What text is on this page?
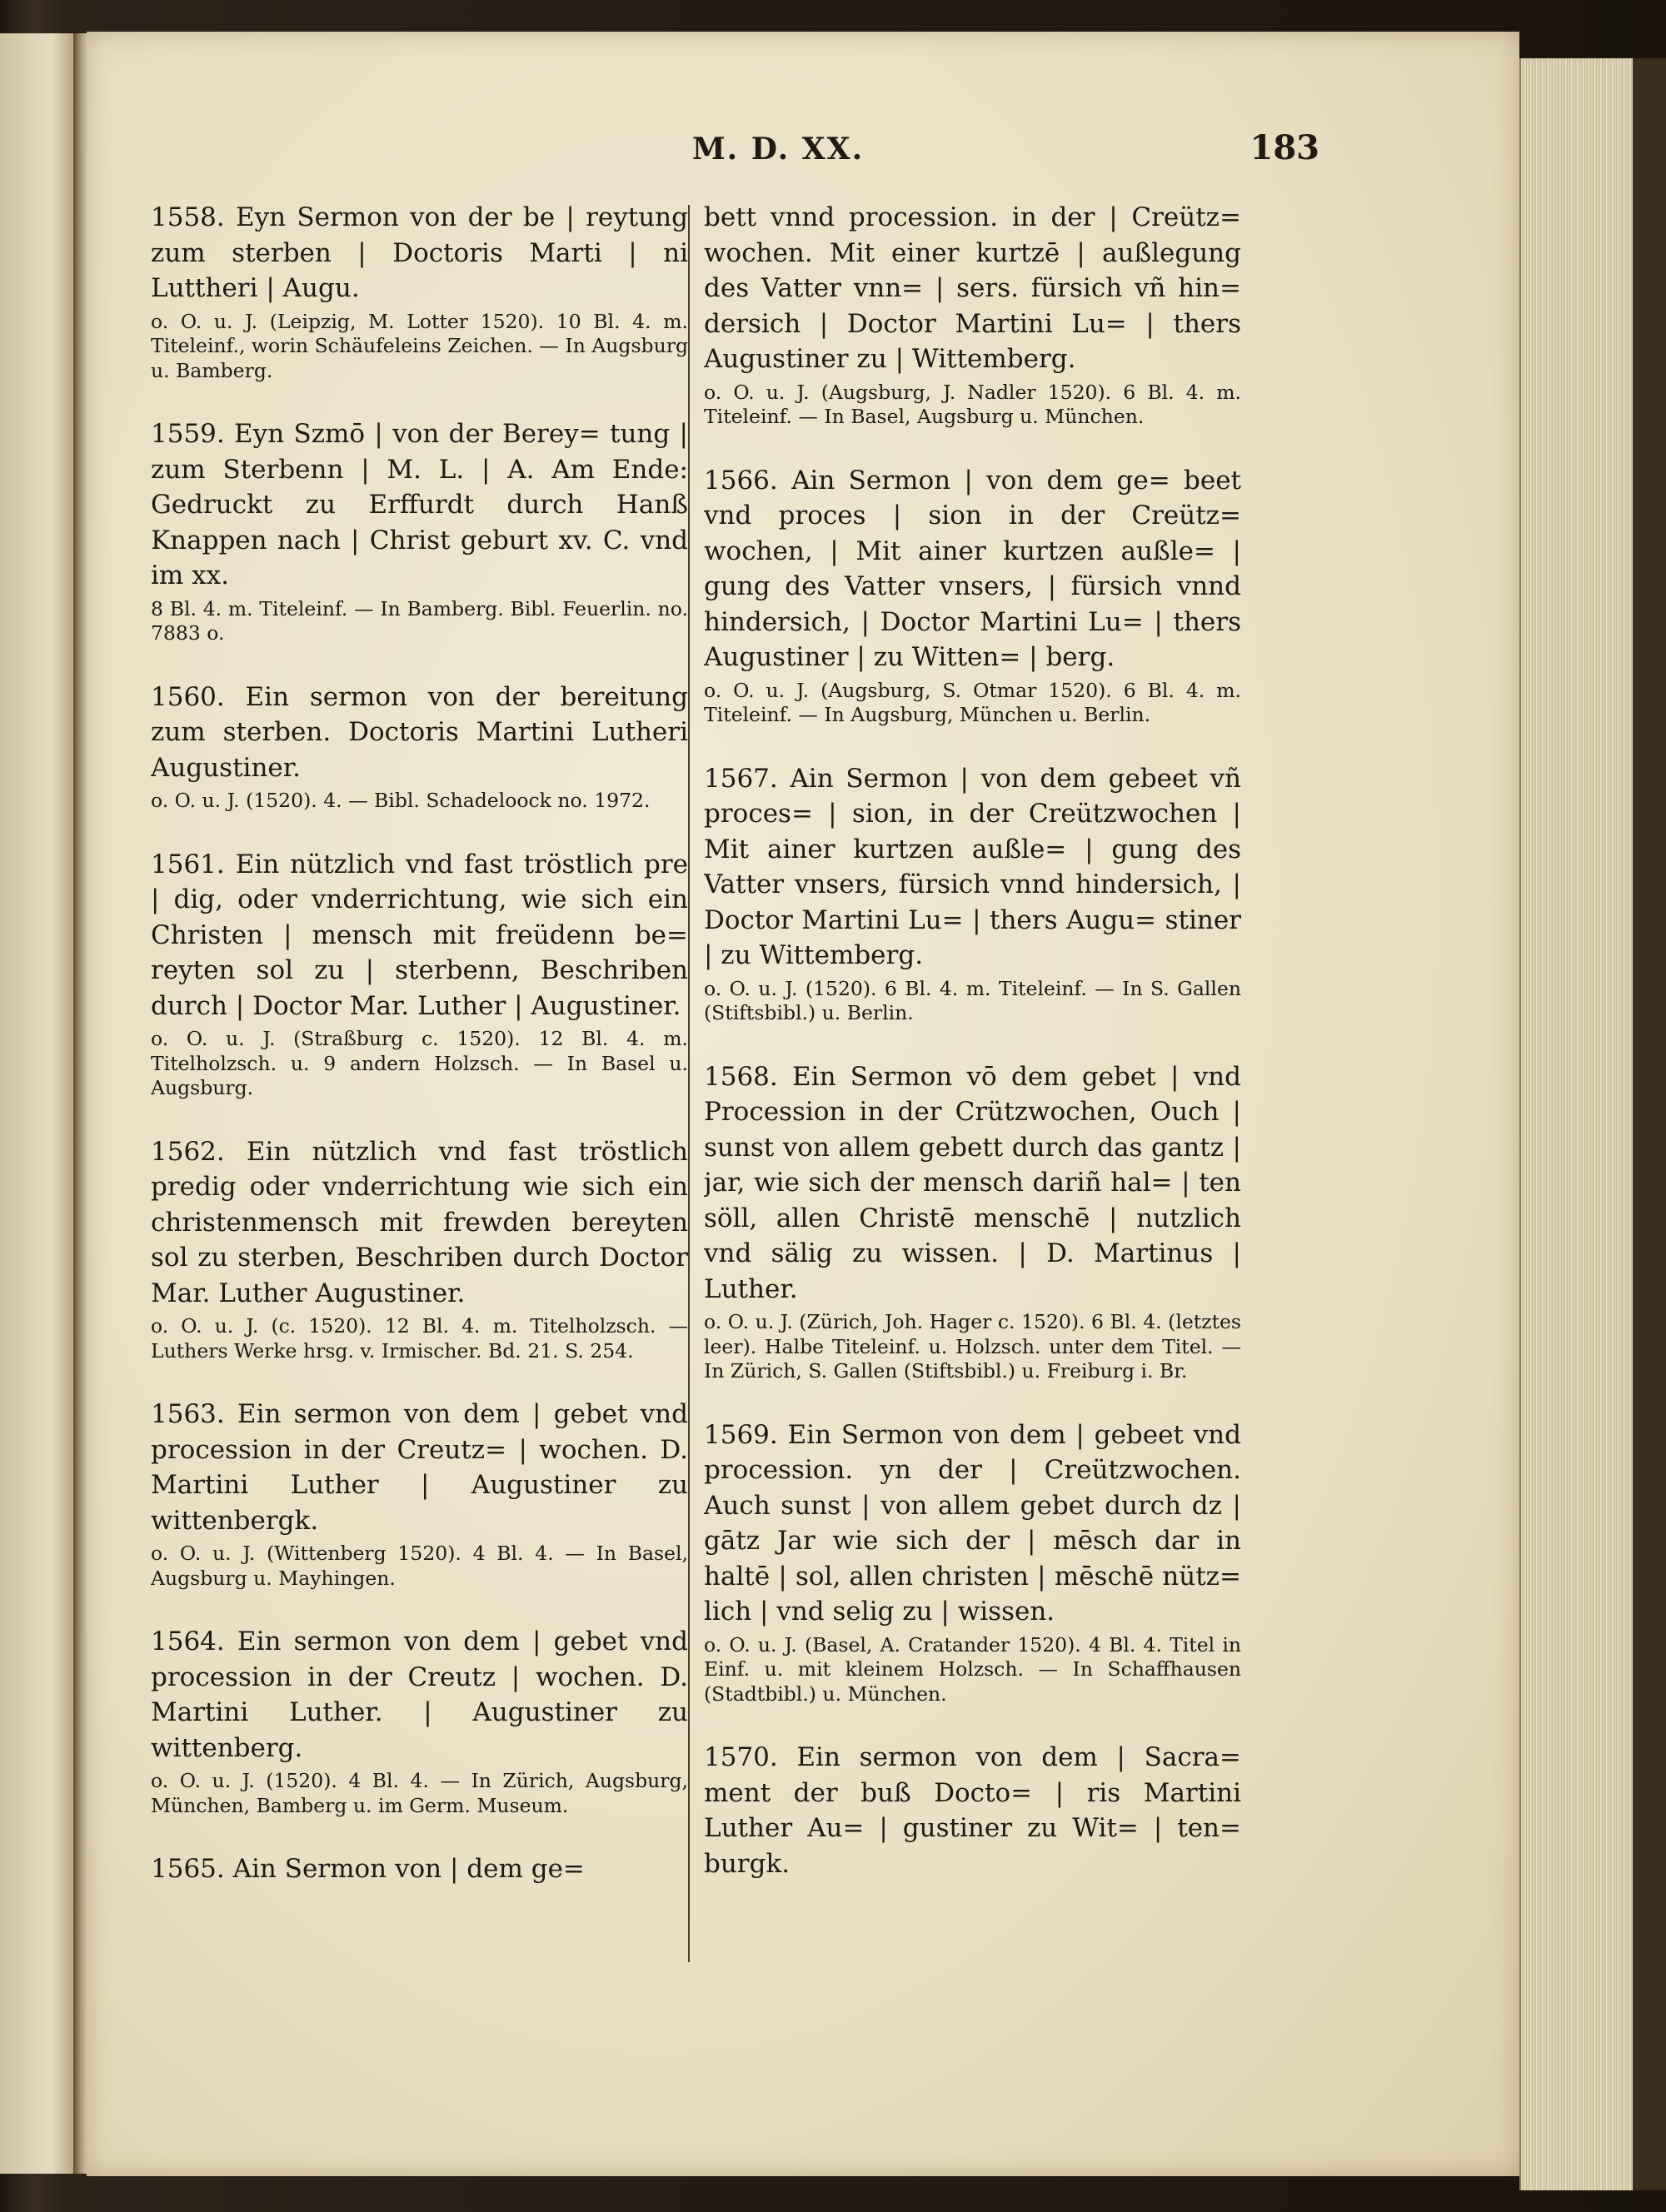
M. D. XX.	183

1558. Eyn Sermon von der be | reytung zum sterben | Doctoris Marti | ni Luttheri | Augu.

o. O. u. J. (Leipzig, M. Lotter 1520). 10 Bl. 4. m. Titeleinf., worin Schäufeleins Zeichen. — In Augsburg u. Bamberg.

1559. Eyn Szmō | von der Berey= tung | zum Sterbenn | M. L. | A. Am Ende: Gedruckt zu Erffurdt durch Hanß Knappen nach | Christ geburt xv. C. vnd im xx.

8 Bl. 4. m. Titeleinf. — In Bamberg. Bibl. Feuerlin. no. 7883 o.

1560. Ein sermon von der bereitung zum sterben. Doctoris Martini Lutheri Augustiner.

o. O. u. J. (1520). 4. — Bibl. Schadeloock no. 1972.

1561. Ein nützlich vnd fast tröstlich pre | dig, oder vnderrichtung, wie sich ein Christen | mensch mit freüdenn be= reyten sol zu | sterbenn, Beschriben durch | Doctor Mar. Luther | Augustiner.

o. O. u. J. (Straßburg c. 1520). 12 Bl. 4. m. Titelholzsch. u. 9 andern Holzsch. — In Basel u. Augsburg.

1562. Ein nützlich vnd fast tröstlich predig oder vnderrichtung wie sich ein christenmensch mit frewden bereyten sol zu sterben, Beschriben durch Doctor Mar. Luther Augustiner.

o. O. u. J. (c. 1520). 12 Bl. 4. m. Titelholzsch. — Luthers Werke hrsg. v. Irmischer. Bd. 21. S. 254.

1563. Ein sermon von dem | gebet vnd procession in der Creutz= | wochen. D. Martini Luther | Augustiner zu wittenbergk.

o. O. u. J. (Wittenberg 1520). 4 Bl. 4. — In Basel, Augsburg u. Mayhingen.

1564. Ein sermon von dem | gebet vnd procession in der Creutz | wochen. D. Martini Luther. | Augustiner zu wittenberg.

o. O. u. J. (1520). 4 Bl. 4. — In Zürich, Augsburg, München, Bamberg u. im Germ. Museum.

1565. Ain Sermon von | dem ge=

bett vnnd procession. in der | Creütz= wochen. Mit einer kurtzē | außlegung des Vatter vnn= | sers. fürsich vñ hin= dersich | Doctor Martini Lu= | thers Augustiner zu | Wittemberg.

o. O. u. J. (Augsburg, J. Nadler 1520). 6 Bl. 4. m. Titeleinf. — In Basel, Augsburg u. München.

1566. Ain Sermon | von dem ge= beet vnd proces | sion in der Creütz= wochen, | Mit ainer kurtzen außle= | gung des Vatter vnsers, | fürsich vnnd hindersich, | Doctor Martini Lu= | thers Augustiner | zu Witten= | berg.

o. O. u. J. (Augsburg, S. Otmar 1520). 6 Bl. 4. m. Titeleinf. — In Augsburg, München u. Berlin.

1567. Ain Sermon | von dem gebeet vñ proces= | sion, in der Creützwochen | Mit ainer kurtzen außle= | gung des Vatter vnsers, fürsich vnnd hindersich, | Doctor Martini Lu= | thers Augu= stiner | zu Wittemberg.

o. O. u. J. (1520). 6 Bl. 4. m. Titeleinf. — In S. Gallen (Stiftsbibl.) u. Berlin.

1568. Ein Sermon vō dem gebet | vnd Procession in der Crützwochen, Ouch | sunst von allem gebett durch das gantz | jar, wie sich der mensch dariñ hal= | ten söll, allen Christē menschē | nutzlich vnd sälig zu wissen. | D. Martinus | Luther.

o. O. u. J. (Zürich, Joh. Hager c. 1520). 6 Bl. 4. (letztes leer). Halbe Titeleinf. u. Holzsch. unter dem Titel. — In Zürich, S. Gallen (Stiftsbibl.) u. Freiburg i. Br.

1569. Ein Sermon von dem | gebeet vnd procession. yn der | Creützwochen. Auch sunst | von allem gebet durch dz | gātz Jar wie sich der | mēsch dar in haltē | sol, allen christen | mēschē nütz= lich | vnd selig zu | wissen.

o. O. u. J. (Basel, A. Cratander 1520). 4 Bl. 4. Titel in Einf. u. mit kleinem Holzsch. — In Schaffhausen (Stadtbibl.) u. München.

1570. Ein sermon von dem | Sacra= ment der buß Docto= | ris Martini Luther Au= | gustiner zu Wit= | ten= burgk.
